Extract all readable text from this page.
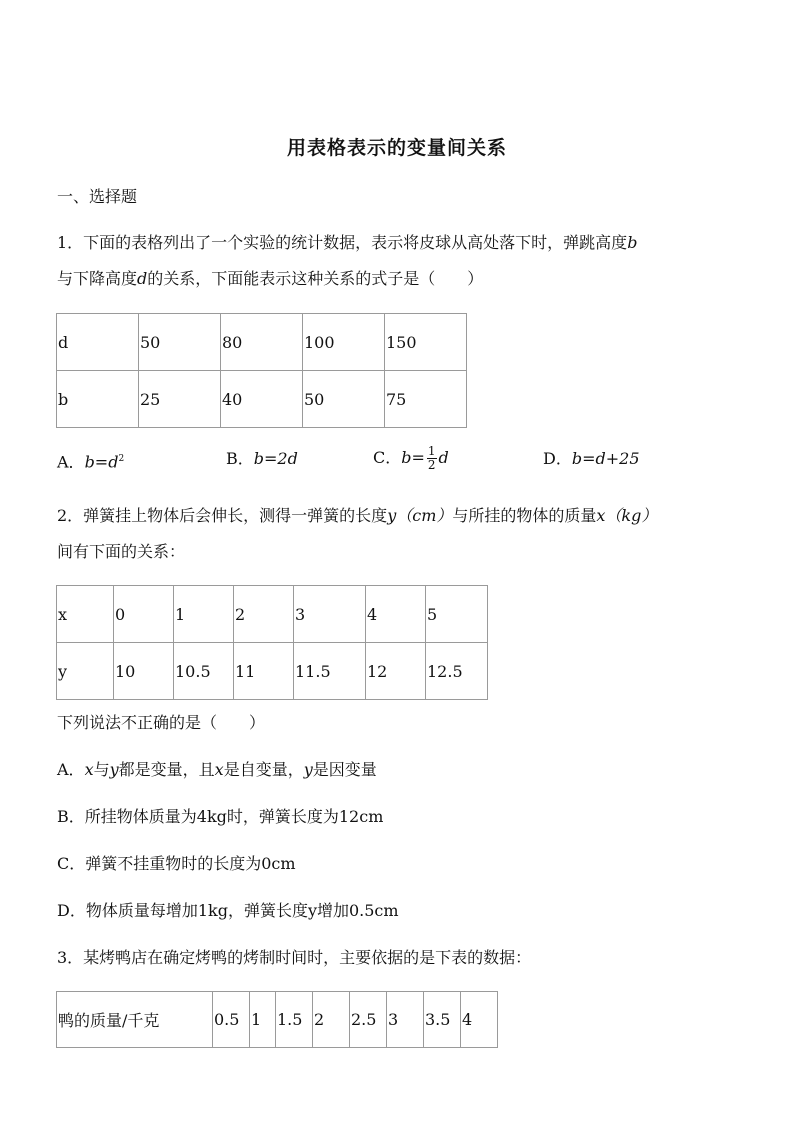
用表格表示的变量间关系
一、选择题
1．下面的表格列出了一个实验的统计数据，表示将皮球从高处落下时，弹跳高度b
与下降高度d的关系，下面能表示这种关系的式子是（　　）
d	50	80	100	150
b	25	40	50	75
A．$b=d^2$	B．b=2d	C．$b= \frac{1}{2}$ d	D．b=d+25
2．弹簧挂上物体后会伸长，测得一弹簧的长度y（cm）与所挂的物体的质量x（kg）
间有下面的关系：
x	0	1	2	3	4	5
y	10	10.5	11	11.5	12	12.5
下列说法不正确的是（　　）
A．x与y都是变量，且x是自变量，y是因变量
B．所挂物体质量为4kg时，弹簧长度为12cm
C．弹簧不挂重物时的长度为0cm
D．物体质量每增加1kg，弹簧长度y增加0.5cm
3．某烤鸭店在确定烤鸭的烤制时间时，主要依据的是下表的数据：
鸭的质量/千克	0.5	1	1.5	2	2.5	3	3.5	4
